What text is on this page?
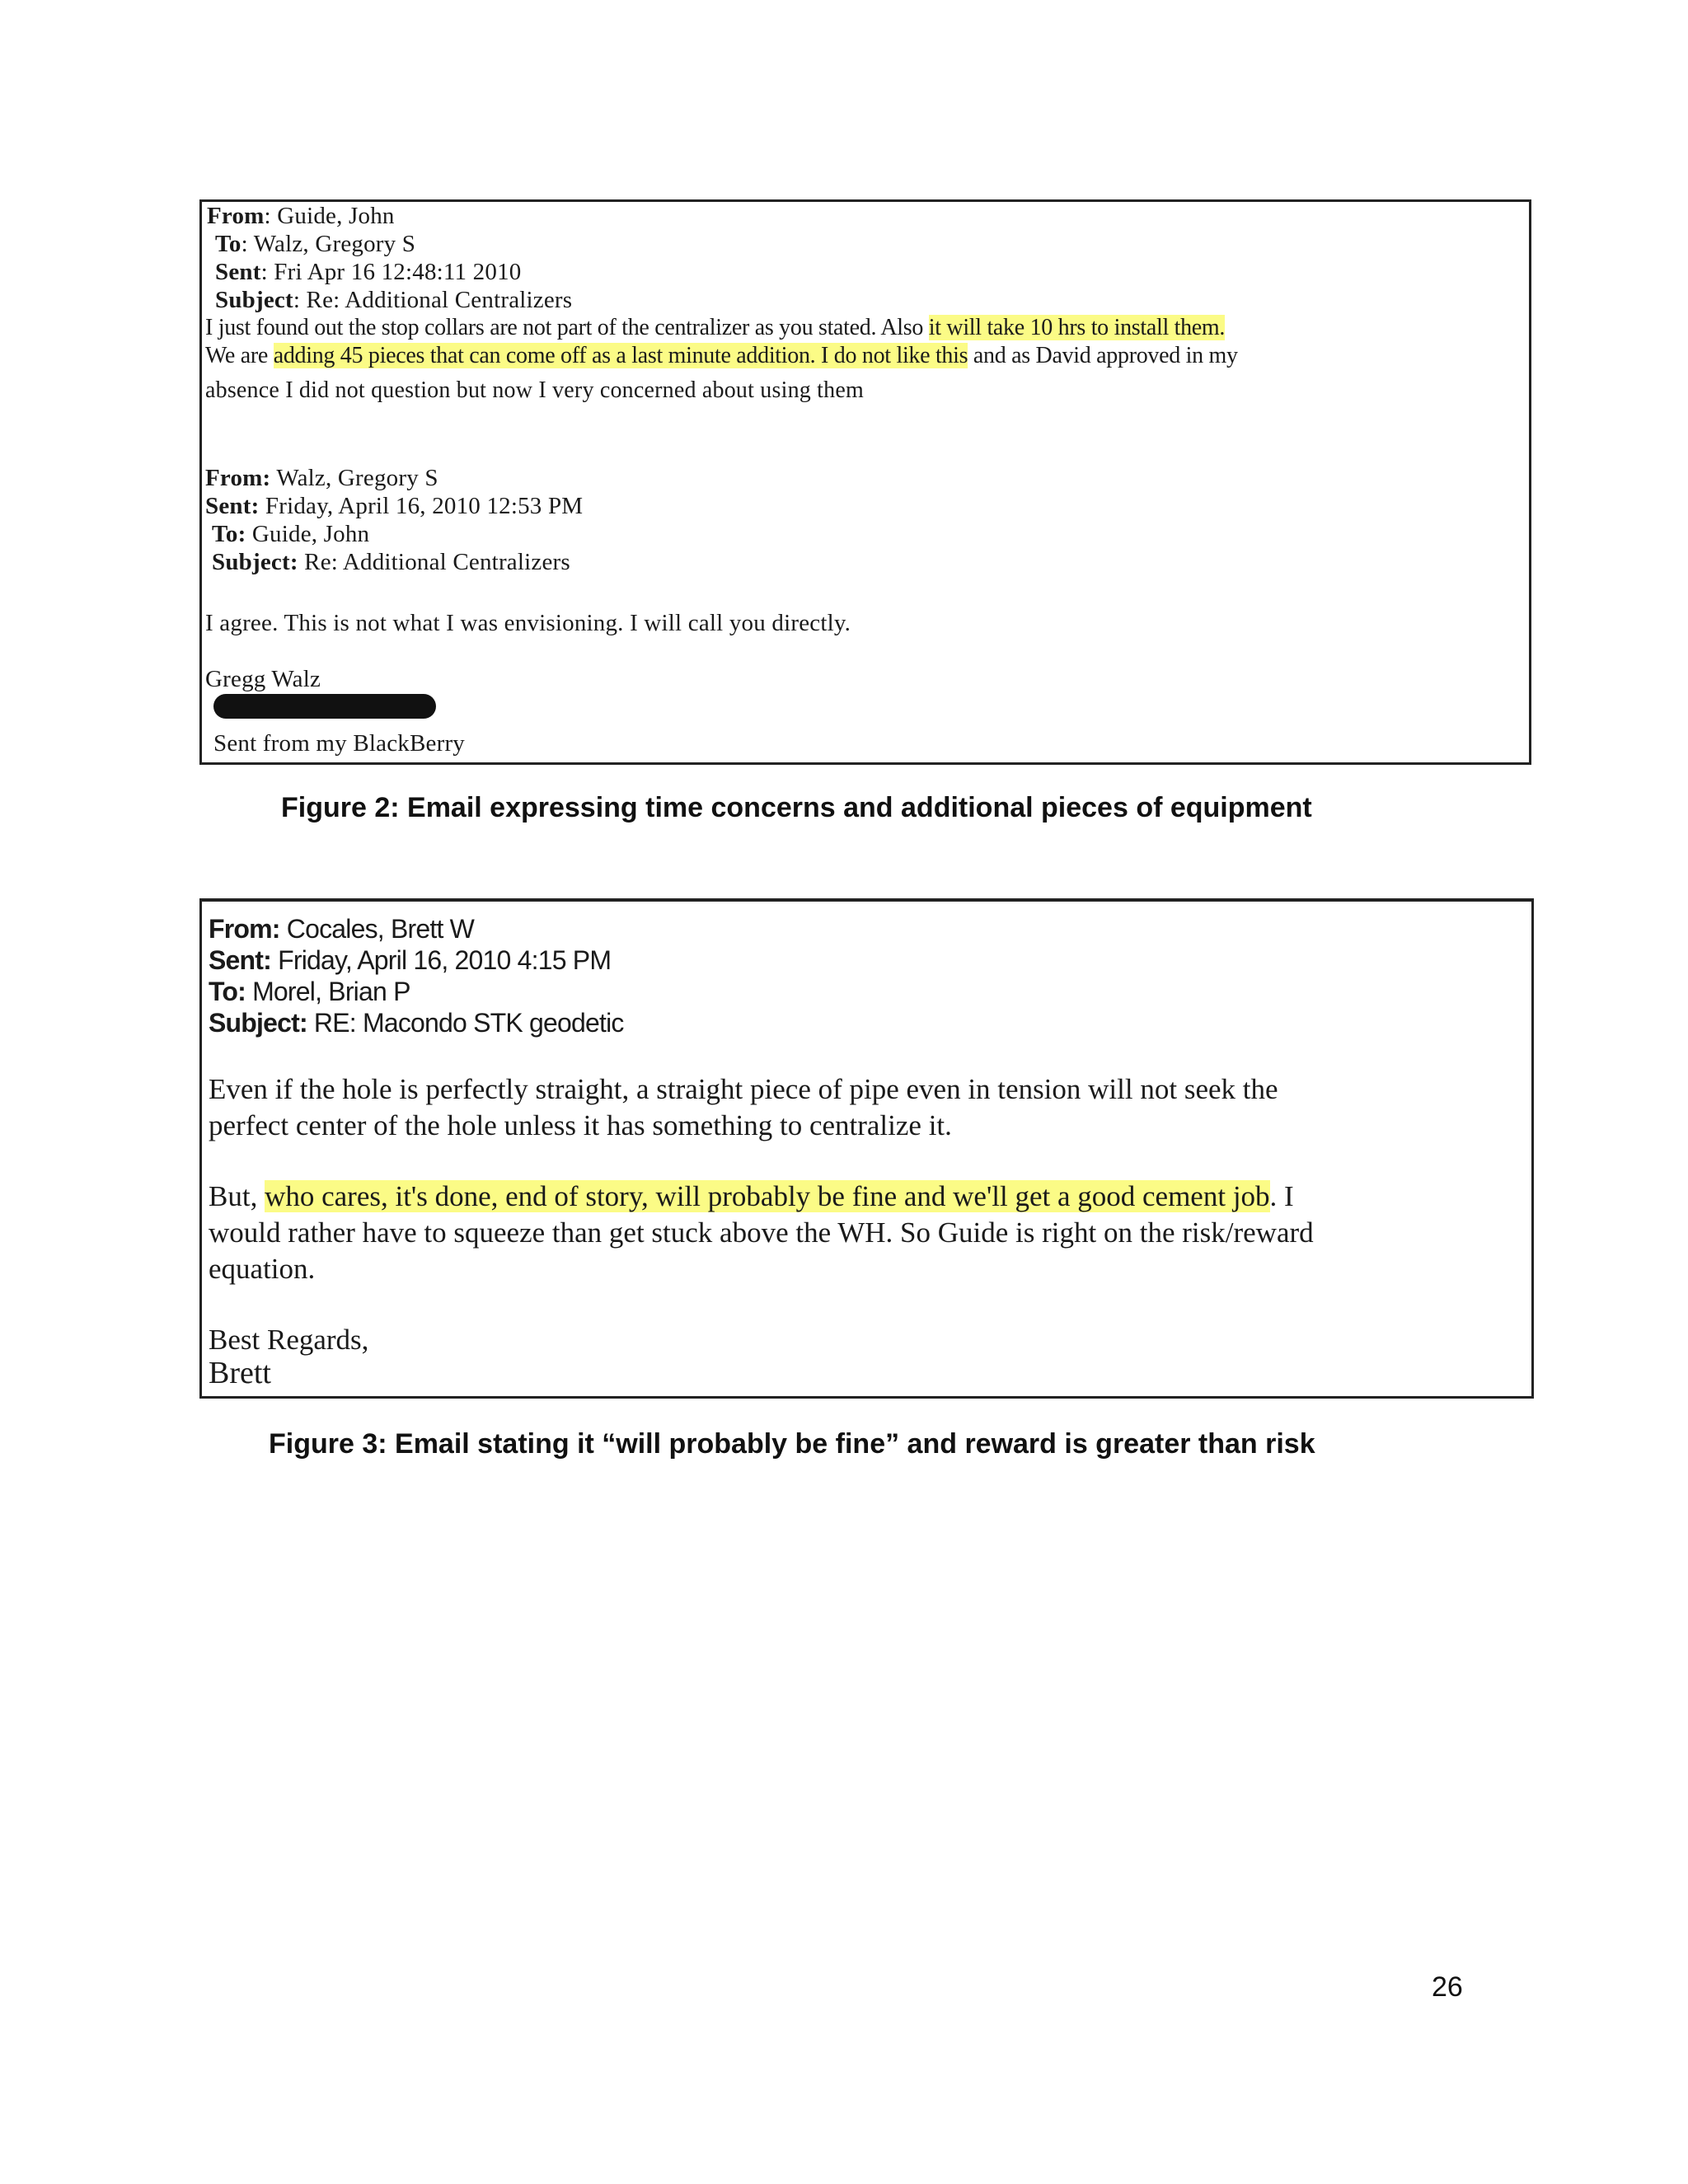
From: Guide, John
To: Walz, Gregory S
Sent: Fri Apr 16 12:48:11 2010
Subject: Re: Additional Centralizers
I just found out the stop collars are not part of the centralizer as you stated. Also it will take 10 hrs to install them.
We are adding 45 pieces that can come off as a last minute addition. I do not like this and as David approved in my
absence I did not question but now I very concerned about using them
From: Walz, Gregory S
Sent: Friday, April 16, 2010 12:53 PM
To: Guide, John
Subject: Re: Additional Centralizers
I agree. This is not what I was envisioning. I will call you directly.
Gregg Walz
Sent from my BlackBerry
Figure 2: Email expressing time concerns and additional pieces of equipment
From: Cocales, Brett W
Sent: Friday, April 16, 2010 4:15 PM
To: Morel, Brian P
Subject: RE: Macondo STK geodetic
Even if the hole is perfectly straight, a straight piece of pipe even in tension will not seek the
perfect center of the hole unless it has something to centralize it.
But, who cares, it's done, end of story, will probably be fine and we'll get a good cement job. I
would rather have to squeeze than get stuck above the WH. So Guide is right on the risk/reward
equation.
Best Regards,
Brett
Figure 3: Email stating it “will probably be fine” and reward is greater than risk
26
